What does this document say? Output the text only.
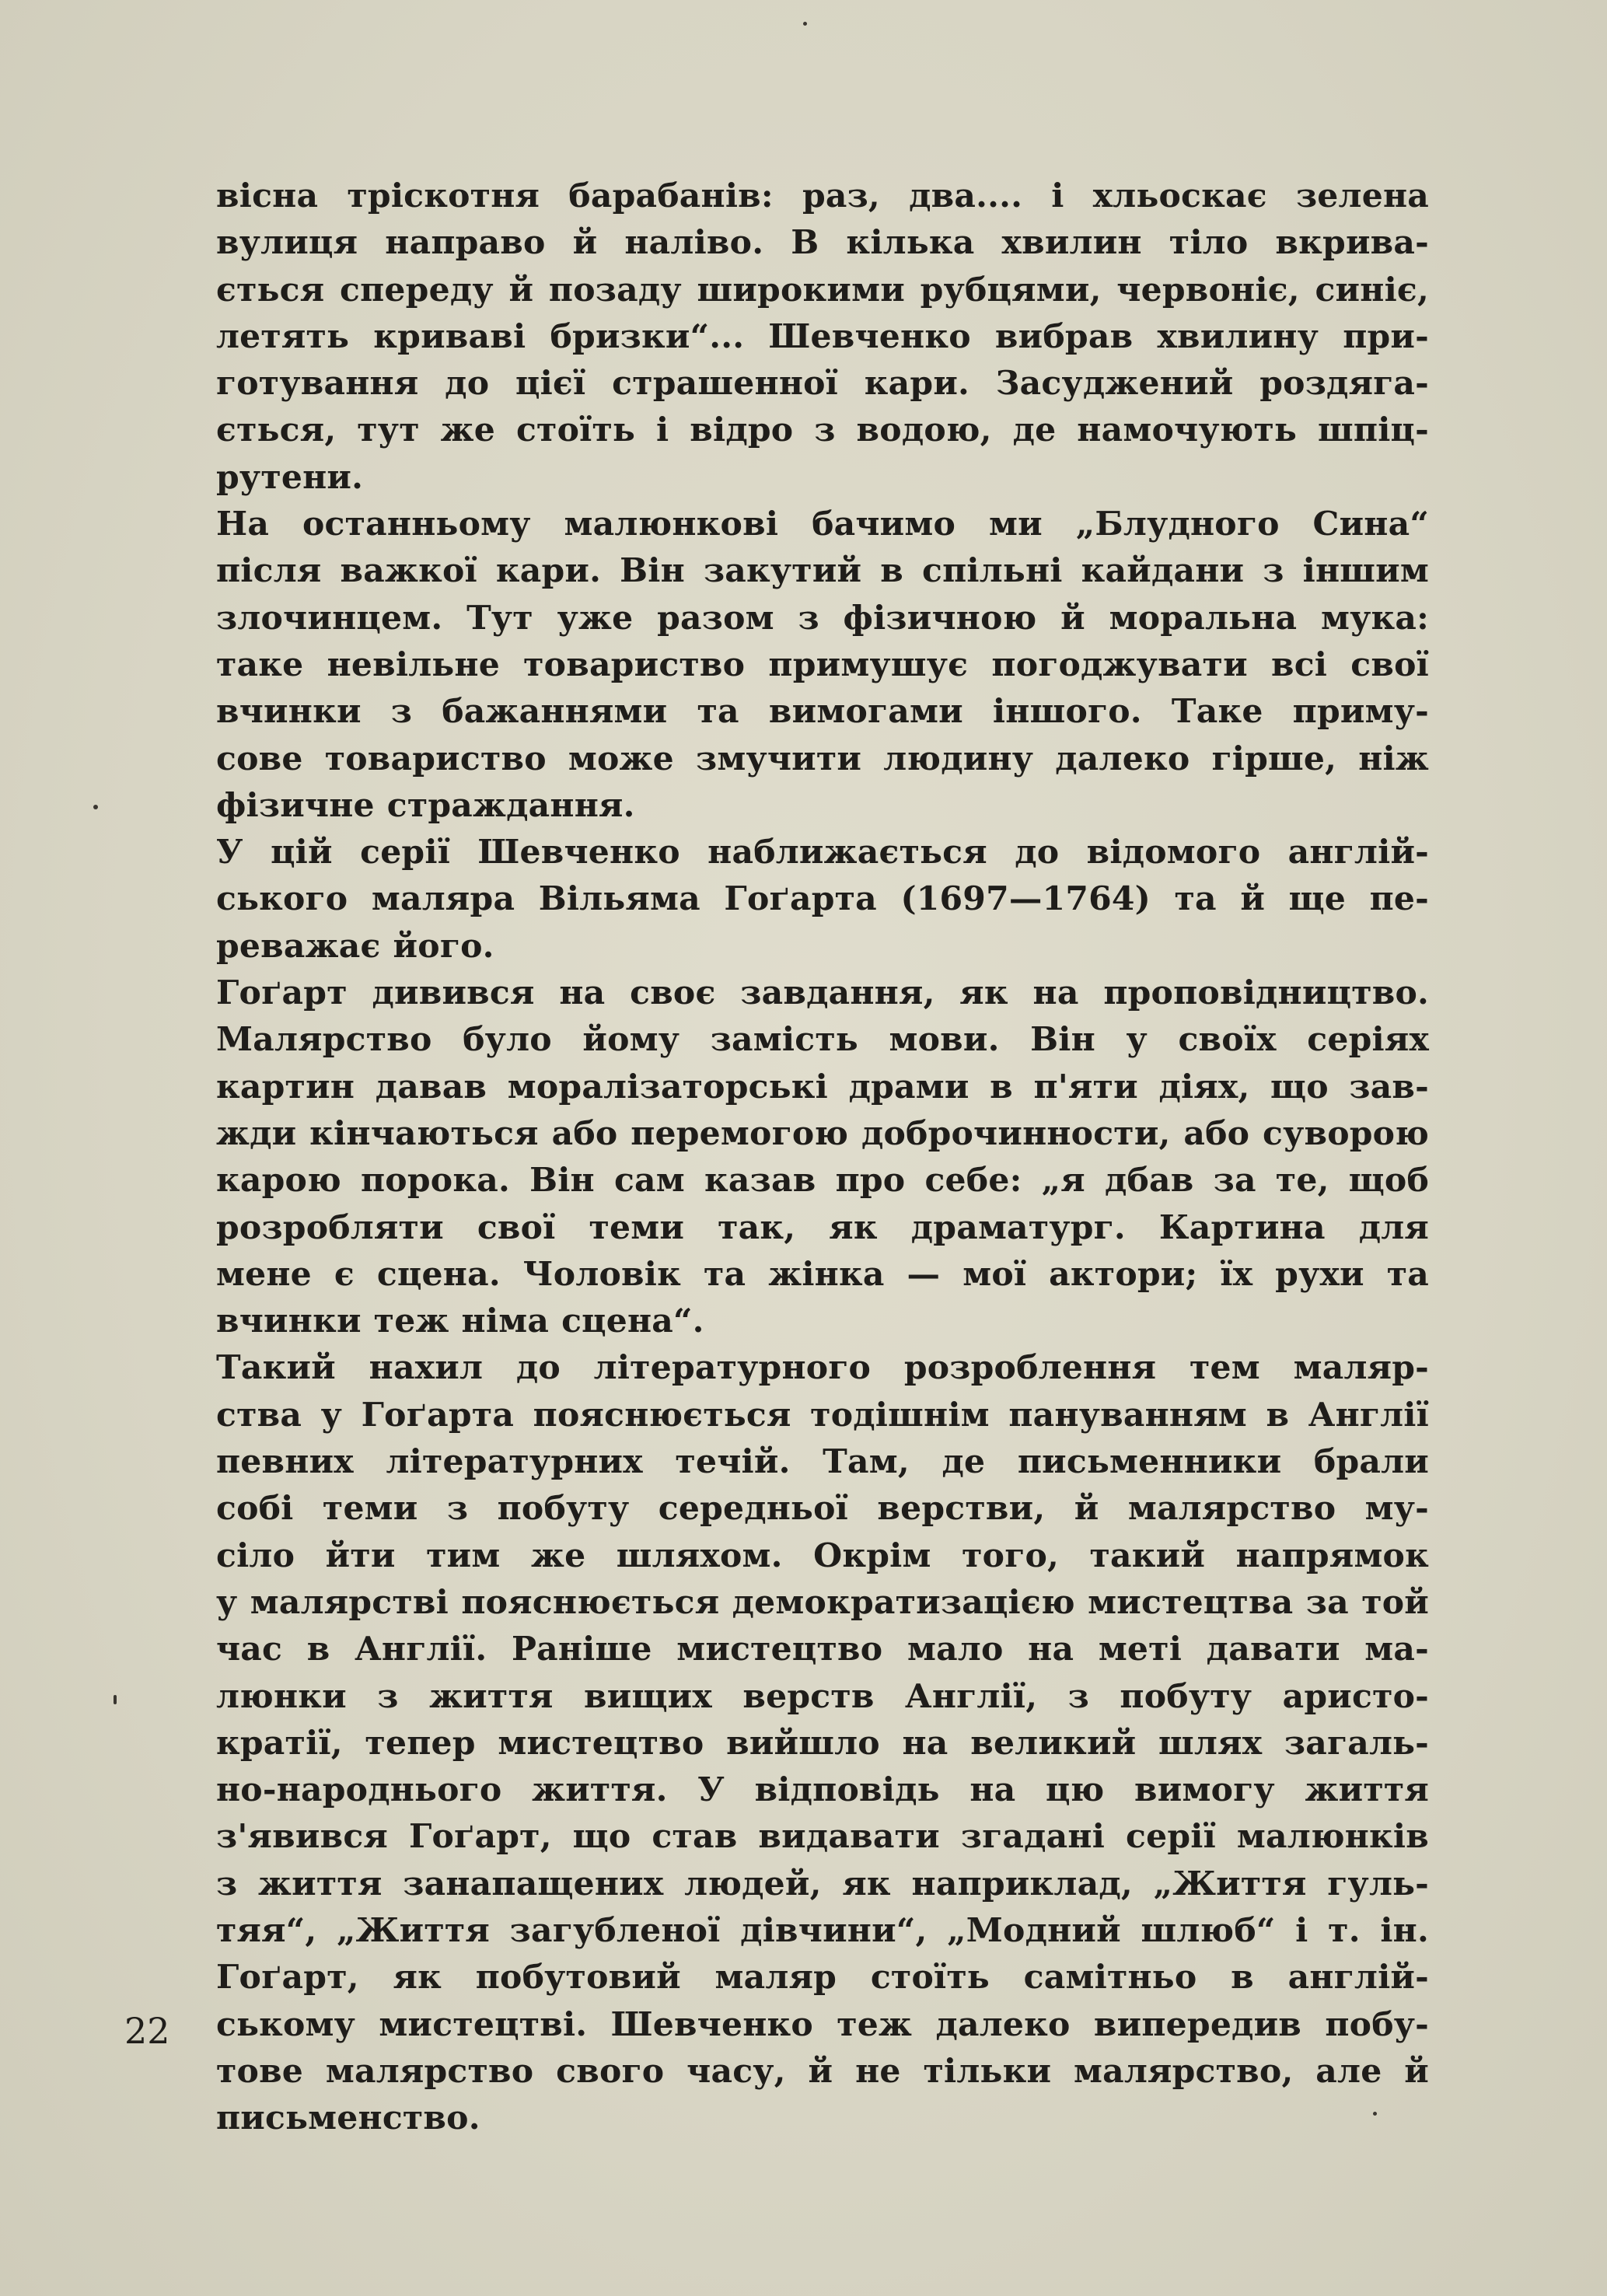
вісна тріскотня барабанів: раз, два.... і хльоскає зелена
вулиця направо й наліво. В кілька хвилин тіло вкрива-
ється спереду й позаду широкими рубцями, червоніє, синіє,
летять криваві бризки“... Шевченко вибрав хвилину при-
готування до цієї страшенної кари. Засуджений роздяга-
ється, тут же стоїть і відро з водою, де намочують шпіц-
рутени.
На останньому малюнкові бачимо ми „Блудного Сина“
після важкої кари. Він закутий в спільні кайдани з іншим
злочинцем. Тут уже разом з фізичною й моральна мука:
таке невільне товариство примушує погоджувати всі свої
вчинки з бажаннями та вимогами іншого. Таке приму-
сове товариство може змучити людину далеко гірше, ніж
фізичне страждання.
У цій серії Шевченко наближається до відомого англій-
ського маляра Вільяма Гоґарта (1697—1764) та й ще пе-
реважає його.
Гоґарт дивився на своє завдання, як на проповідництво.
Малярство було йому замість мови. Він у своїх серіях
картин давав моралізаторські драми в п'яти діях, що зав-
жди кінчаються або перемогою доброчинности, або суворою
карою порока. Він сам казав про себе: „я дбав за те, щоб
розробляти свої теми так, як драматург. Картина для
мене є сцена. Чоловік та жінка — мої актори; їх рухи та
вчинки теж німа сцена“.
Такий нахил до літературного розроблення тем маляр-
ства у Гоґарта пояснюється тодішнім пануванням в Англії
певних літературних течій. Там, де письменники брали
собі теми з побуту середньої верстви, й малярство му-
сіло йти тим же шляхом. Окрім того, такий напрямок
у малярстві пояснюється демократизацією мистецтва за той
час в Англії. Раніше мистецтво мало на меті давати ма-
люнки з життя вищих верств Англії, з побуту аристо-
кратії, тепер мистецтво вийшло на великий шлях загаль-
но-народнього життя. У відповідь на цю вимогу життя
з'явився Гоґарт, що став видавати згадані серії малюнків
з життя занапащених людей, як наприклад, „Життя гуль-
тяя“, „Життя загубленої дівчини“, „Модний шлюб“ і т. ін.
Гоґарт, як побутовий маляр стоїть самітньо в англій-
ському мистецтві. Шевченко теж далеко випередив побу-
тове малярство свого часу, й не тільки малярство, але й
письменство.
22
